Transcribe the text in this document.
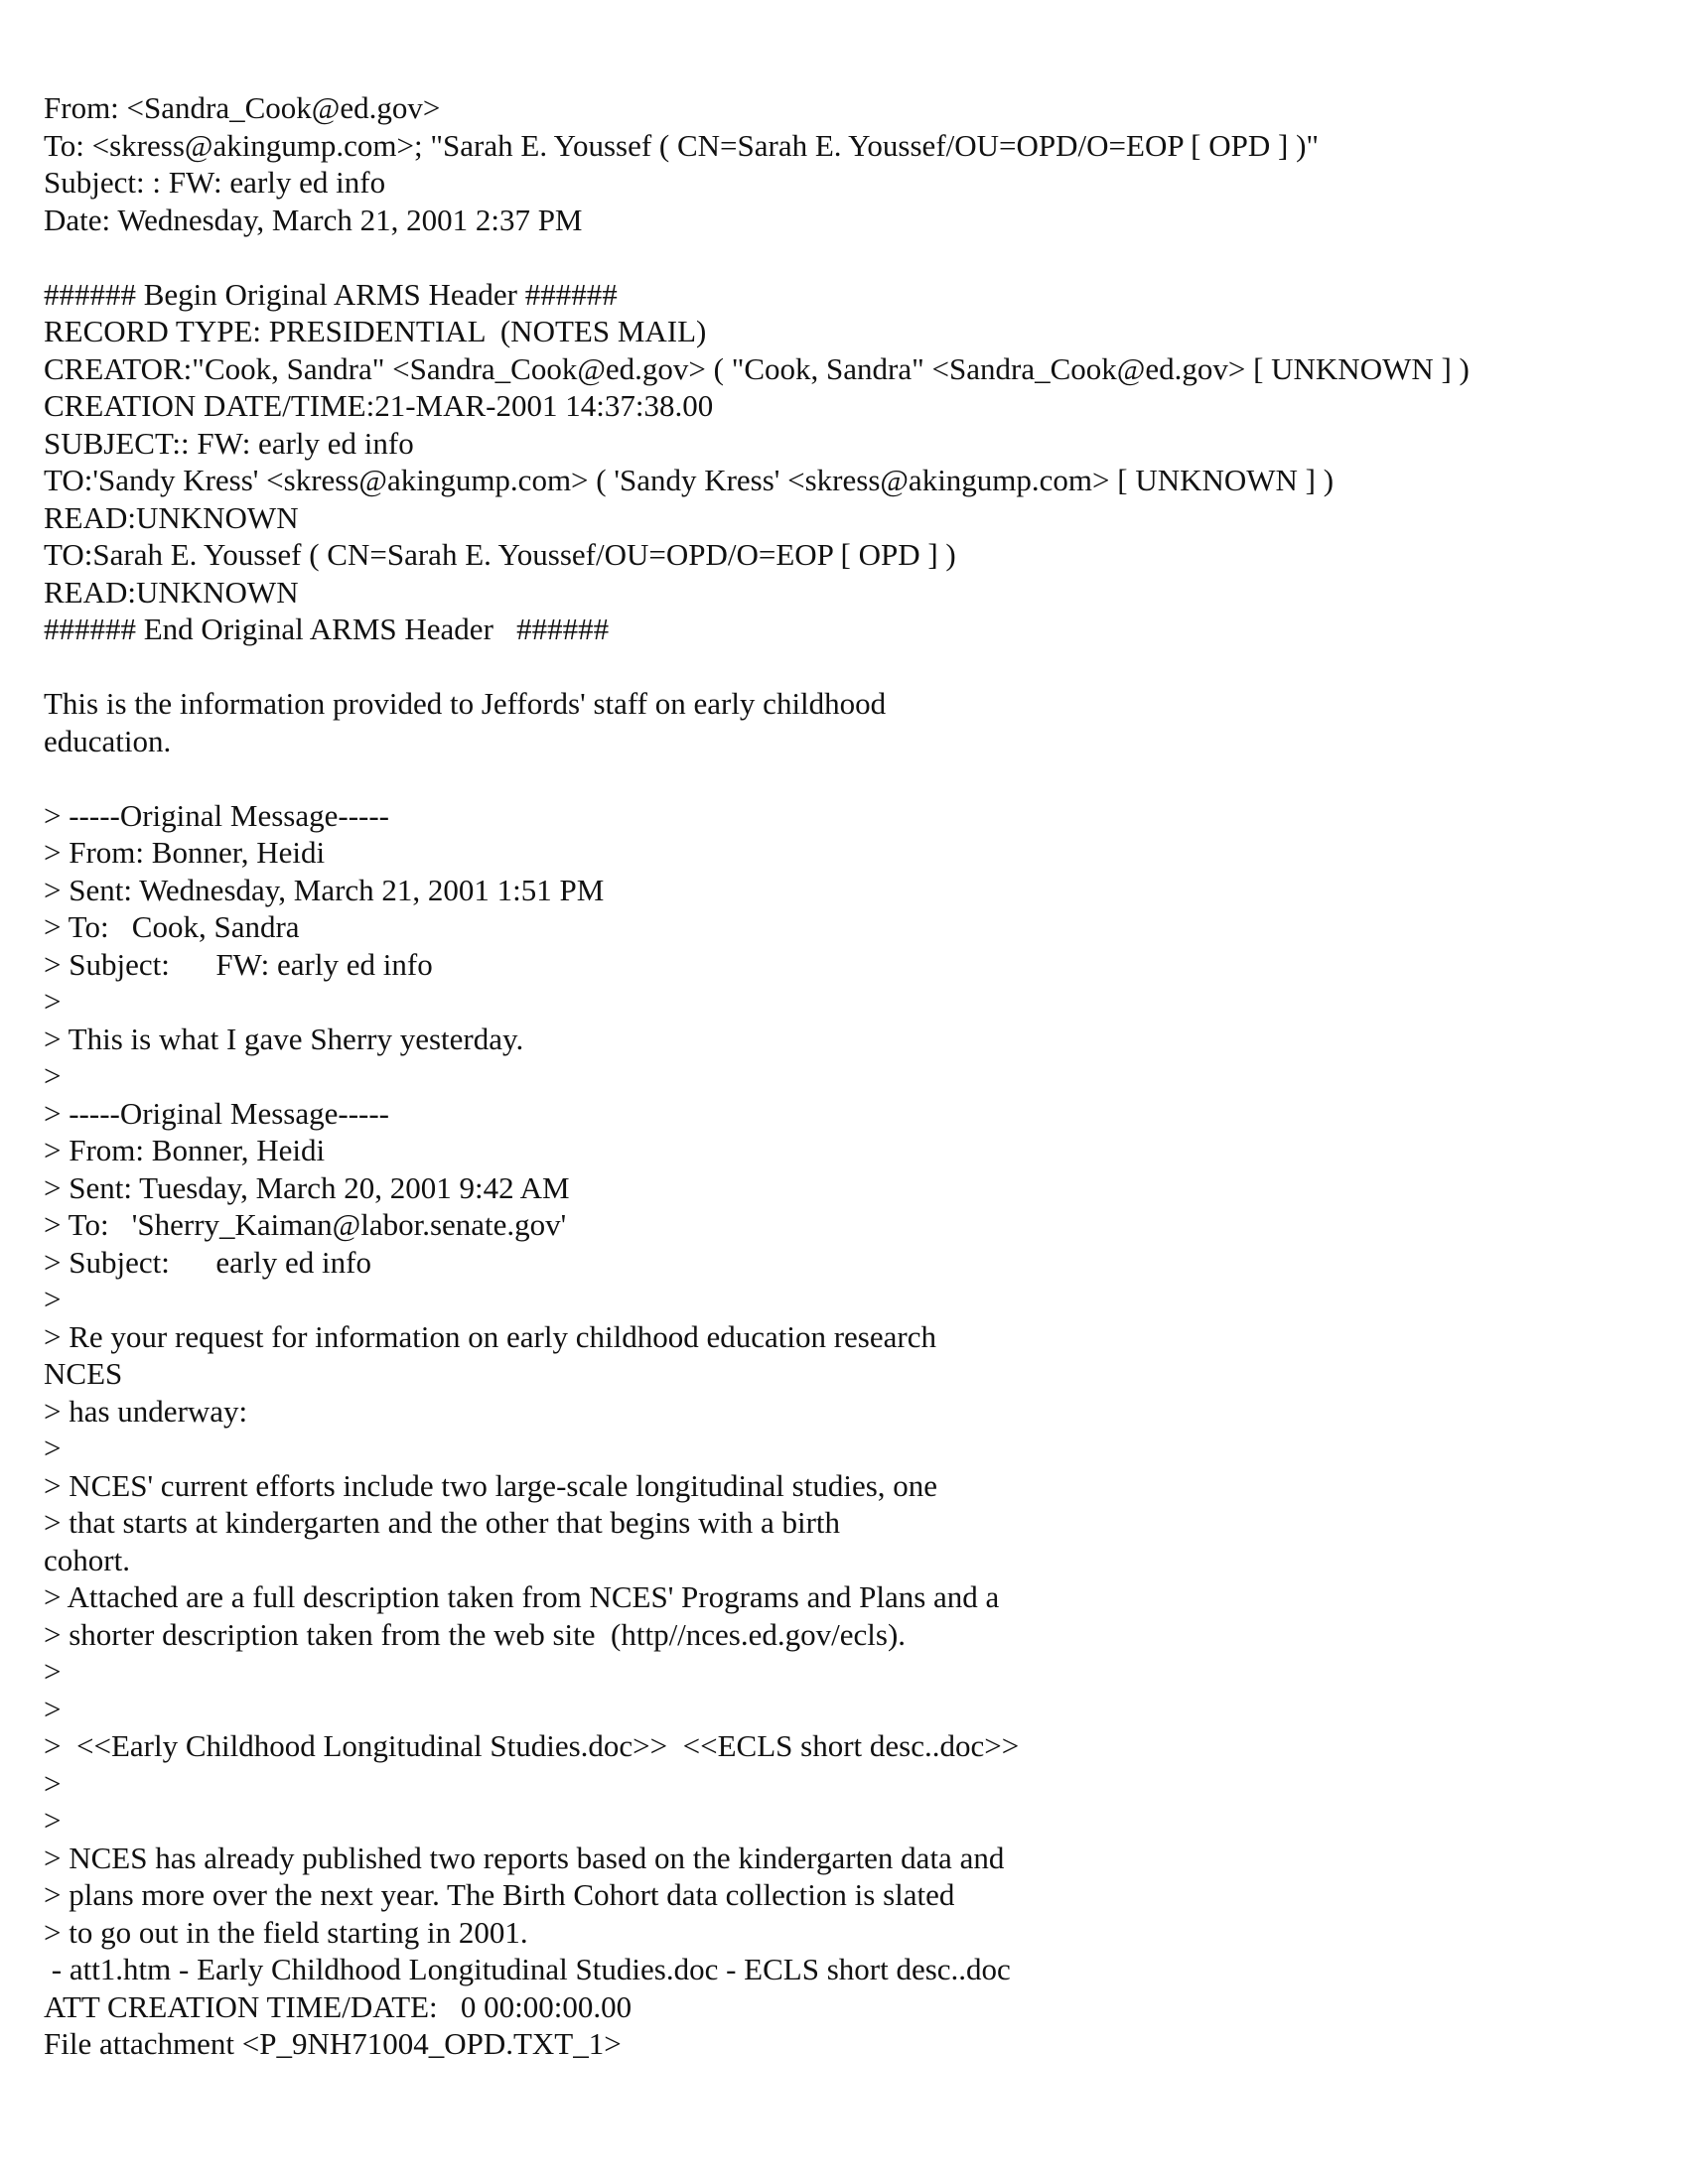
From: <Sandra_Cook@ed.gov>
To: <skress@akingump.com>; "Sarah E. Youssef ( CN=Sarah E. Youssef/OU=OPD/O=EOP [ OPD ] )"
Subject: : FW: early ed info
Date: Wednesday, March 21, 2001 2:37 PM
###### Begin Original ARMS Header ######
RECORD TYPE: PRESIDENTIAL  (NOTES MAIL)
CREATOR:"Cook, Sandra" <Sandra_Cook@ed.gov> ( "Cook, Sandra" <Sandra_Cook@ed.gov> [ UNKNOWN ] )
CREATION DATE/TIME:21-MAR-2001 14:37:38.00
SUBJECT:: FW: early ed info
TO:'Sandy Kress' <skress@akingump.com> ( 'Sandy Kress' <skress@akingump.com> [ UNKNOWN ] )
READ:UNKNOWN
TO:Sarah E. Youssef ( CN=Sarah E. Youssef/OU=OPD/O=EOP [ OPD ] )
READ:UNKNOWN
###### End Original ARMS Header   ######
This is the information provided to Jeffords' staff on early childhood
education.
> -----Original Message-----
> From: Bonner, Heidi
> Sent: Wednesday, March 21, 2001 1:51 PM
> To:   Cook, Sandra
> Subject:      FW: early ed info
>
> This is what I gave Sherry yesterday.
>
> -----Original Message-----
> From: Bonner, Heidi
> Sent: Tuesday, March 20, 2001 9:42 AM
> To:   'Sherry_Kaiman@labor.senate.gov'
> Subject:      early ed info
>
> Re your request for information on early childhood education research
NCES
> has underway:
>
> NCES' current efforts include two large-scale longitudinal studies, one
> that starts at kindergarten and the other that begins with a birth
cohort.
> Attached are a full description taken from NCES' Programs and Plans and a
> shorter description taken from the web site  (http//nces.ed.gov/ecls).
>
>
>  <<Early Childhood Longitudinal Studies.doc>>  <<ECLS short desc..doc>>
>
>
> NCES has already published two reports based on the kindergarten data and
> plans more over the next year. The Birth Cohort data collection is slated
> to go out in the field starting in 2001.
- att1.htm - Early Childhood Longitudinal Studies.doc - ECLS short desc..doc
ATT CREATION TIME/DATE:   0 00:00:00.00
File attachment <P_9NH71004_OPD.TXT_1>
